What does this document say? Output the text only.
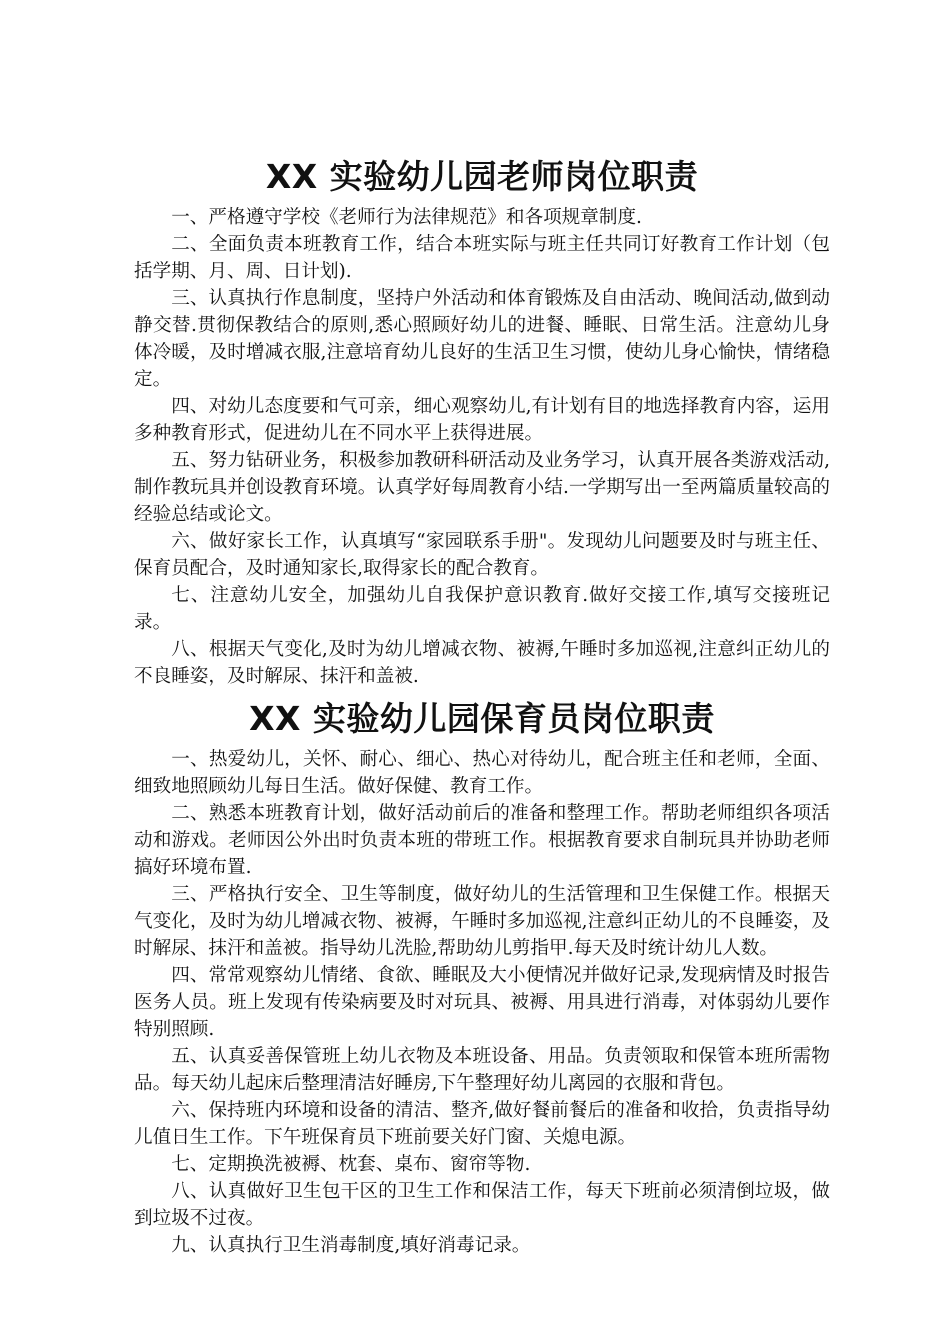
XX 实验幼儿园老师岗位职责

一、严格遵守学校《老师行为法律规范》和各项规章制度.

二、全面负责本班教育工作，结合本班实际与班主任共同订好教育工作计划（包括学期、月、周、日计划).

三、认真执行作息制度，坚持户外活动和体育锻炼及自由活动、晚间活动,做到动静交替.贯彻保教结合的原则,悉心照顾好幼儿的进餐、睡眠、日常生活。注意幼儿身体冷暖，及时增减衣服,注意培育幼儿良好的生活卫生习惯，使幼儿身心愉快，情绪稳定。

四、对幼儿态度要和气可亲，细心观察幼儿,有计划有目的地选择教育内容，运用多种教育形式，促进幼儿在不同水平上获得进展。

五、努力钻研业务，积极参加教研科研活动及业务学习，认真开展各类游戏活动,制作教玩具并创设教育环境。认真学好每周教育小结.一学期写出一至两篇质量较高的经验总结或论文。

六、做好家长工作，认真填写“家园联系手册"。发现幼儿问题要及时与班主任、保育员配合，及时通知家长,取得家长的配合教育。

七、注意幼儿安全，加强幼儿自我保护意识教育.做好交接工作,填写交接班记录。

八、根据天气变化,及时为幼儿增减衣物、被褥,午睡时多加巡视,注意纠正幼儿的不良睡姿，及时解尿、抹汗和盖被.

XX 实验幼儿园保育员岗位职责

一、热爱幼儿，关怀、耐心、细心、热心对待幼儿，配合班主任和老师，全面、细致地照顾幼儿每日生活。做好保健、教育工作。

二、熟悉本班教育计划，做好活动前后的准备和整理工作。帮助老师组织各项活动和游戏。老师因公外出时负责本班的带班工作。根据教育要求自制玩具并协助老师搞好环境布置.

三、严格执行安全、卫生等制度，做好幼儿的生活管理和卫生保健工作。根据天气变化，及时为幼儿增减衣物、被褥，午睡时多加巡视,注意纠正幼儿的不良睡姿，及时解尿、抹汗和盖被。指导幼儿洗脸,帮助幼儿剪指甲.每天及时统计幼儿人数。

四、常常观察幼儿情绪、食欲、睡眠及大小便情况并做好记录,发现病情及时报告医务人员。班上发现有传染病要及时对玩具、被褥、用具进行消毒，对体弱幼儿要作特别照顾.

五、认真妥善保管班上幼儿衣物及本班设备、用品。负责领取和保管本班所需物品。每天幼儿起床后整理清洁好睡房,下午整理好幼儿离园的衣服和背包。

六、保持班内环境和设备的清洁、整齐,做好餐前餐后的准备和收拾，负责指导幼儿值日生工作。下午班保育员下班前要关好门窗、关熄电源。

七、定期换洗被褥、枕套、桌布、窗帘等物.

八、认真做好卫生包干区的卫生工作和保洁工作，每天下班前必须清倒垃圾，做到垃圾不过夜。

九、认真执行卫生消毒制度,填好消毒记录。
